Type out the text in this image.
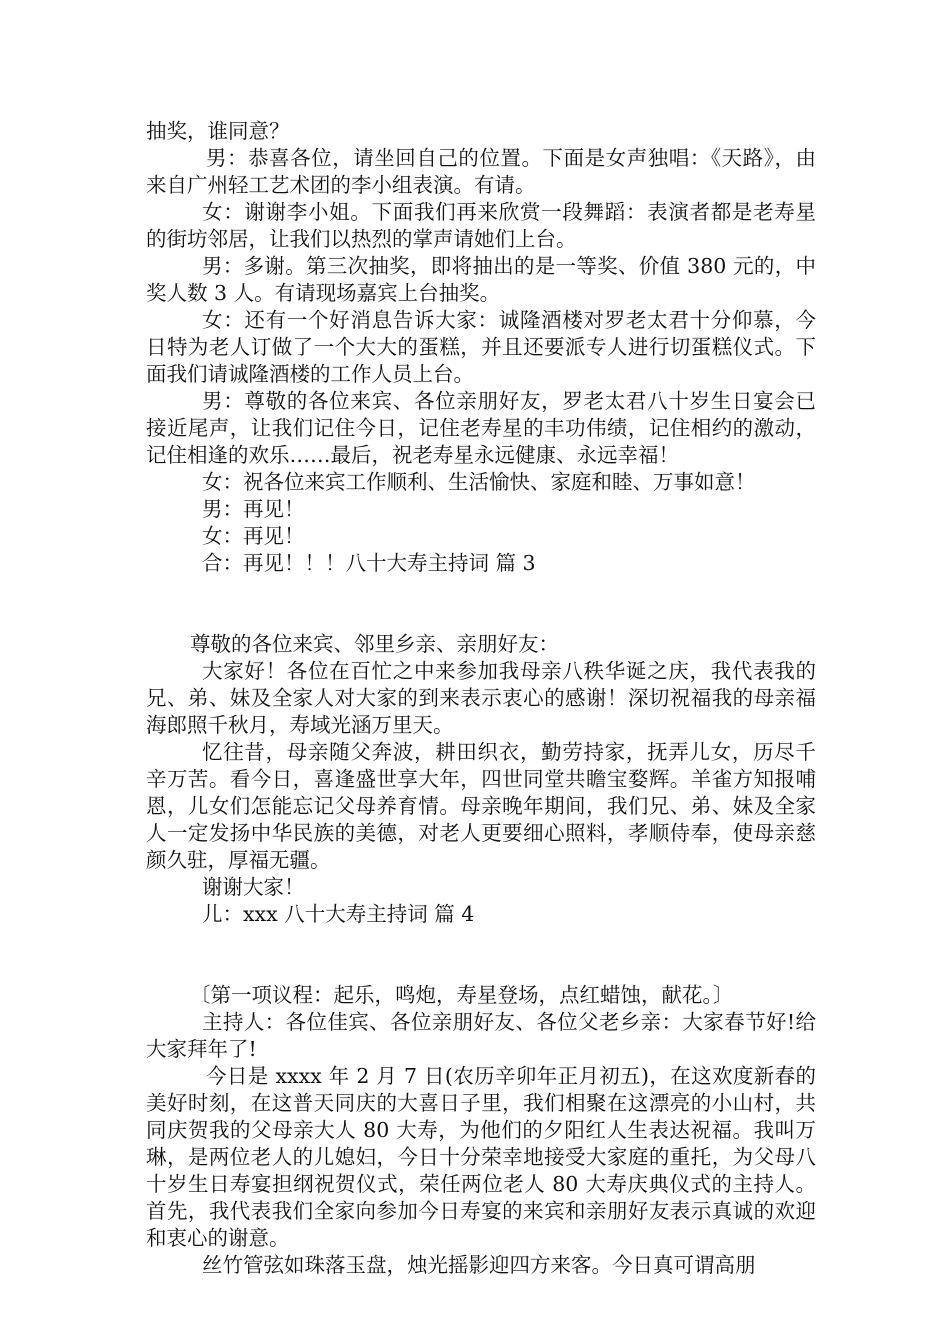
抽奖，谁同意？

男：恭喜各位，请坐回自己的位置。下面是女声独唱：《天路》，由来自广州轻工艺术团的李小组表演。有请。

女：谢谢李小姐。下面我们再来欣赏一段舞蹈：表演者都是老寿星的街坊邻居，让我们以热烈的掌声请她们上台。

男：多谢。第三次抽奖，即将抽出的是一等奖、价值 380 元的，中奖人数 3 人。有请现场嘉宾上台抽奖。

女：还有一个好消息告诉大家：诚隆酒楼对罗老太君十分仰慕，今日特为老人订做了一个大大的蛋糕，并且还要派专人进行切蛋糕仪式。下面我们请诚隆酒楼的工作人员上台。

男：尊敬的各位来宾、各位亲朋好友，罗老太君八十岁生日宴会已接近尾声，让我们记住今日，记住老寿星的丰功伟绩，记住相约的激动，记住相逢的欢乐……最后，祝老寿星永远健康、永远幸福！

女：祝各位来宾工作顺利、生活愉快、家庭和睦、万事如意！

男：再见！

女：再见！

合：再见！！！八十大寿主持词 篇 3

尊敬的各位来宾、邻里乡亲、亲朋好友：

大家好！各位在百忙之中来参加我母亲八秩华诞之庆，我代表我的兄、弟、妹及全家人对大家的到来表示衷心的感谢！深切祝福我的母亲福海郎照千秋月，寿域光涵万里天。

忆往昔，母亲随父奔波，耕田织衣，勤劳持家，抚弄儿女，历尽千辛万苦。看今日，喜逢盛世享大年，四世同堂共瞻宝婺辉。羊雀方知报哺恩，儿女们怎能忘记父母养育情。母亲晚年期间，我们兄、弟、妹及全家人一定发扬中华民族的美德，对老人更要细心照料，孝顺侍奉，使母亲慈颜久驻，厚福无疆。

谢谢大家！

儿：xxx 八十大寿主持词 篇 4

〔第一项议程：起乐，鸣炮，寿星登场，点红蜡蚀，献花。〕

主持人：各位佳宾、各位亲朋好友、各位父老乡亲：大家春节好!给大家拜年了!

今日是 xxxx 年 2 月 7 日(农历辛卯年正月初五)，在这欢度新春的美好时刻，在这普天同庆的大喜日子里，我们相聚在这漂亮的小山村，共同庆贺我的父母亲大人 80 大寿，为他们的夕阳红人生表达祝福。我叫万琳，是两位老人的儿媳妇，今日十分荣幸地接受大家庭的重托，为父母八十岁生日寿宴担纲祝贺仪式，荣任两位老人 80 大寿庆典仪式的主持人。首先，我代表我们全家向参加今日寿宴的来宾和亲朋好友表示真诚的欢迎和衷心的谢意。

丝竹管弦如珠落玉盘，烛光摇影迎四方来客。今日真可谓高朋
